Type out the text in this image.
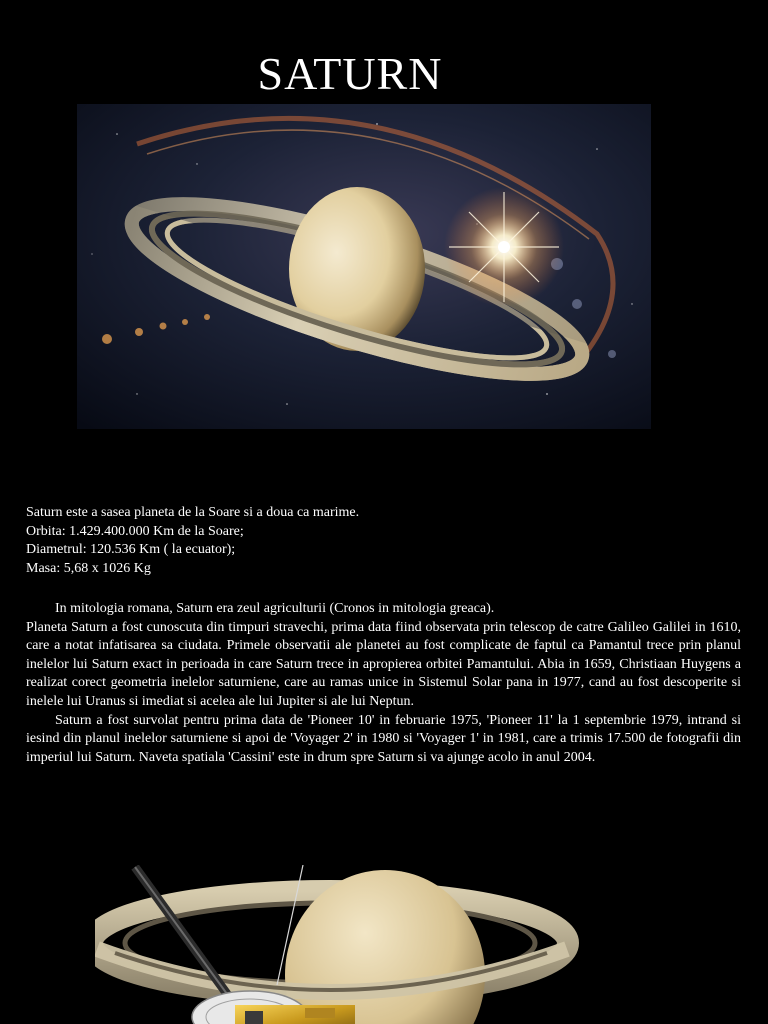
SATURN
Saturn este a sasea planeta de la Soare si a doua ca marime.
Orbita: 1.429.400.000 Km de la Soare;
Diametrul: 120.536 Km ( la ecuator);
Masa: 5,68 x 1026 Kg

In mitologia romana, Saturn era zeul agriculturii (Cronos in mitologia greaca).

Planeta Saturn a fost cunoscuta din timpuri stravechi, prima data fiind observata prin telescop de catre Galileo Galilei in 1610, care a notat infatisarea sa ciudata. Primele observatii ale planetei au fost complicate de faptul ca Pamantul trece prin planul inelelor lui Saturn exact in perioada in care Saturn trece in apropierea orbitei Pamantului. Abia in 1659, Christiaan Huygens a realizat corect geometria inelelor saturniene, care au ramas unice in Sistemul Solar pana in 1977, cand au fost descoperite si inelele lui Uranus si imediat si acelea ale lui Jupiter si ale lui Neptun.

Saturn a fost survolat pentru prima data de 'Pioneer 10' in februarie 1975, 'Pioneer 11' la 1 septembrie 1979, intrand si iesind din planul inelelor saturniene si apoi de 'Voyager 2' in 1980 si 'Voyager 1' in 1981, care a trimis 17.500 de fotografii din imperiul lui Saturn. Naveta spatiala 'Cassini' este in drum spre Saturn si va ajunge acolo in anul 2004.
